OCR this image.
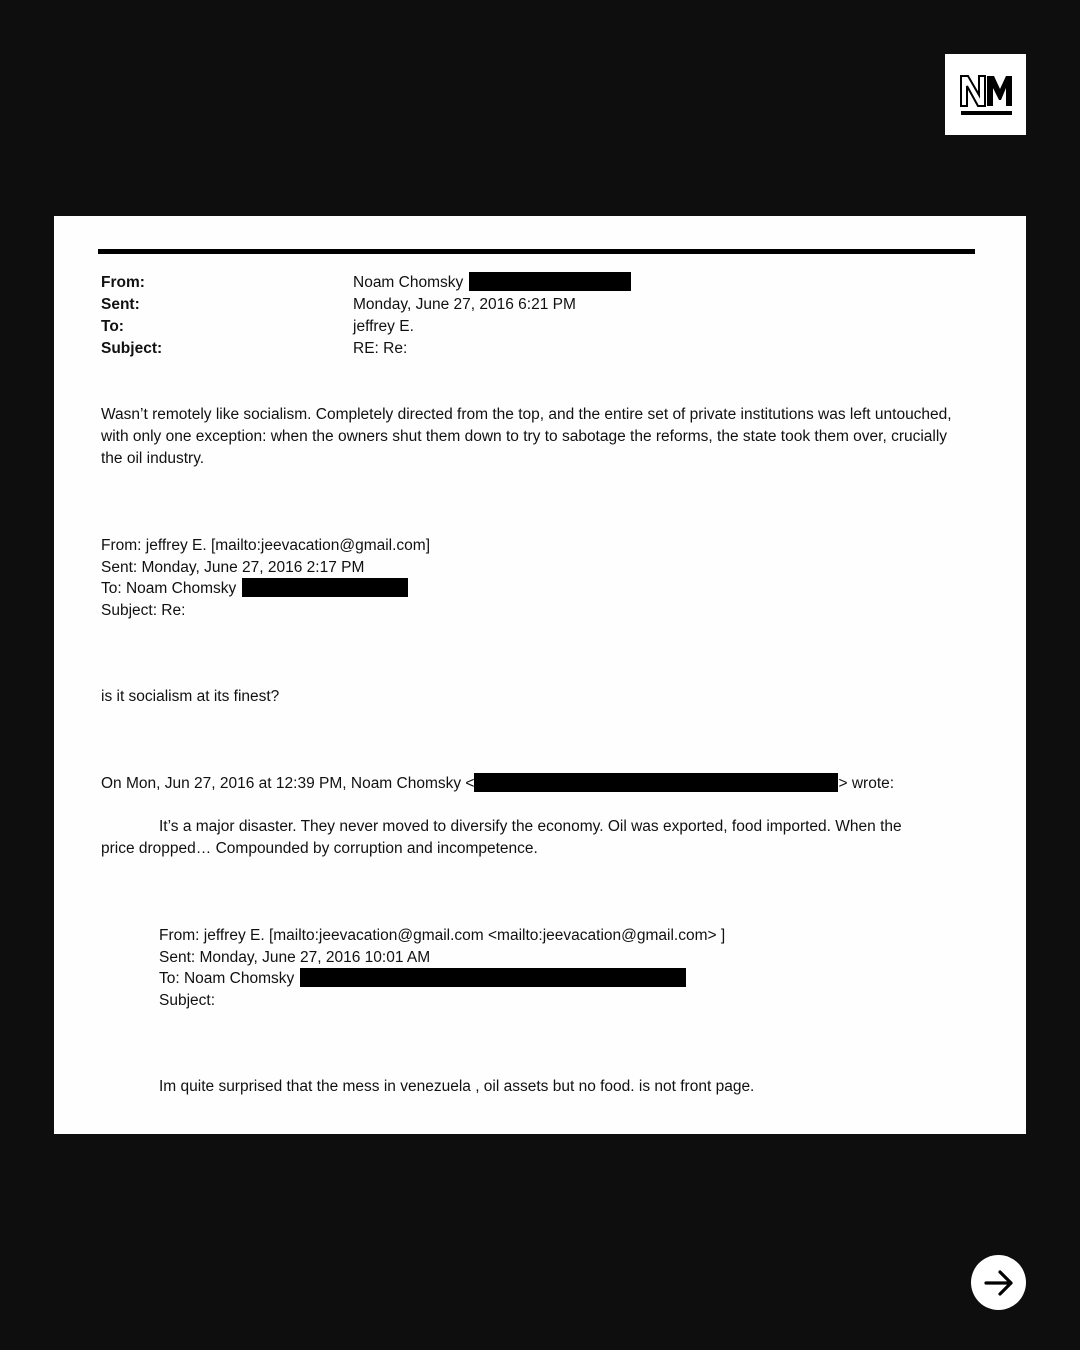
From:	Noam Chomsky
Sent:	Monday, June 27, 2016 6:21 PM
To:	jeffrey E.
Subject:	RE: Re:

Wasn’t remotely like socialism. Completely directed from the top, and the entire set of private institutions was left untouched, with only one exception: when the owners shut them down to try to sabotage the reforms, the state took them over, crucially the oil industry.

From: jeffrey E. [mailto:jeevacation@gmail.com]
Sent: Monday, June 27, 2016 2:17 PM
To: Noam Chomsky
Subject: Re:
is it socialism at its finest?
On Mon, Jun 27, 2016 at 12:39 PM, Noam Chomsky <	> wrote:
It’s a major disaster. They never moved to diversify the economy. Oil was exported, food imported. When the
price dropped… Compounded by corruption and incompetence.
From: jeffrey E. [mailto:jeevacation@gmail.com <mailto:jeevacation@gmail.com> ]
Sent: Monday, June 27, 2016 10:01 AM
To: Noam Chomsky
Subject:
Im quite surprised that the mess in venezuela , oil assets but no food. is not front page.
